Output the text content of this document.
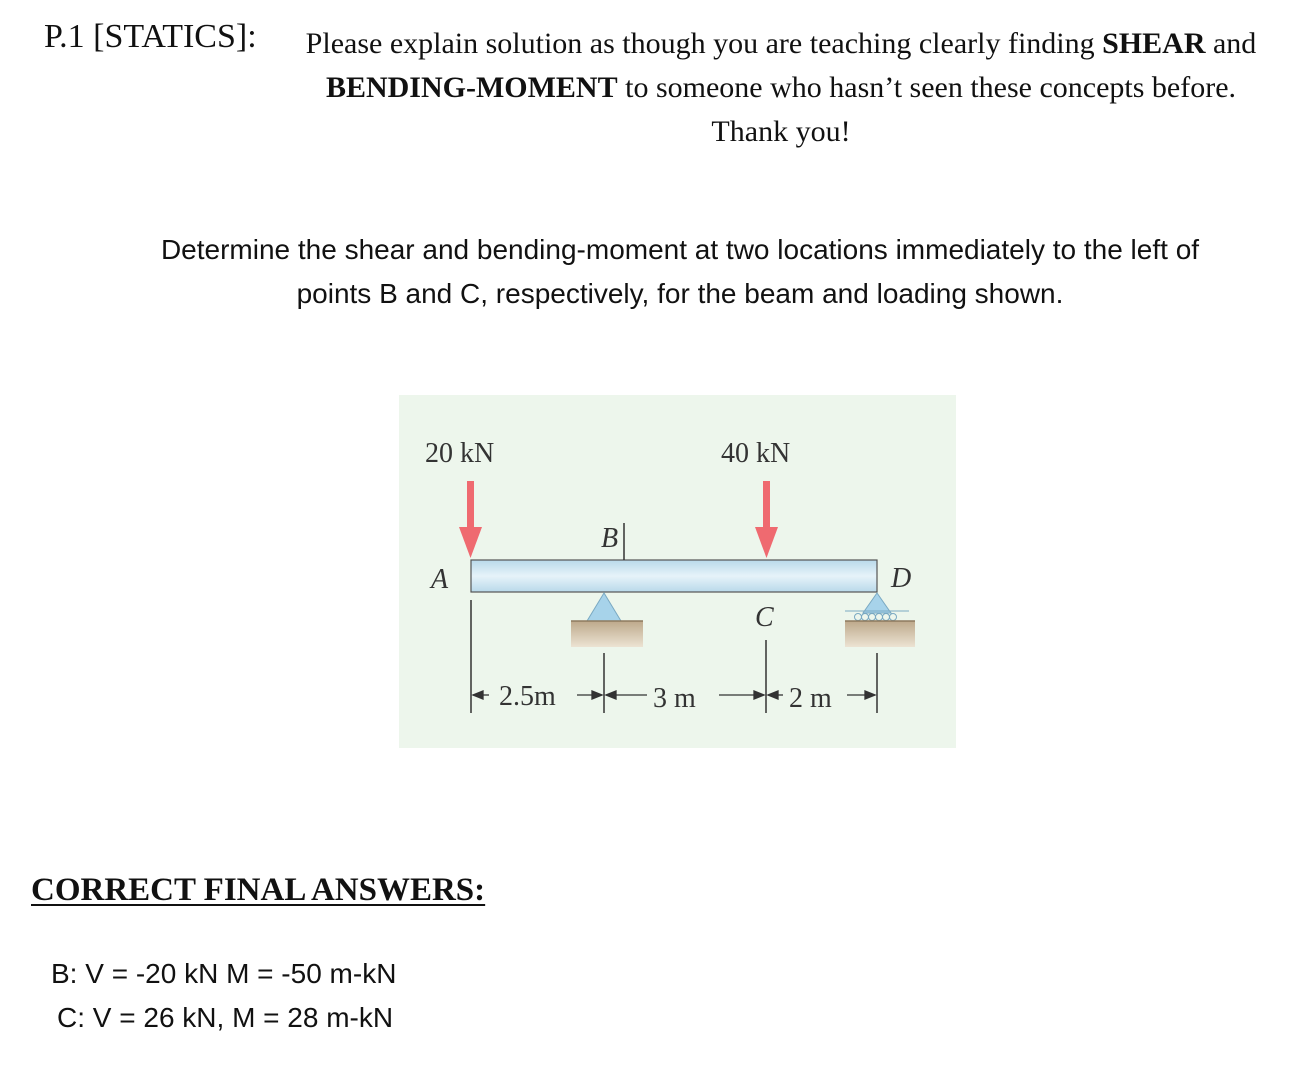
P.1 [STATICS]:	Please explain solution as though you are teaching clearly finding SHEAR and BENDING-MOMENT to someone who hasn’t seen these concepts before. Thank you!
Determine the shear and bending-moment at two locations immediately to the left of
points B and C, respectively, for the beam and loading shown.
20 kN	40 kN
A
B
C
D
2.5m	3 m	2 m
CORRECT FINAL ANSWERS:
B: V = -20 kN M = -50 m-kN
C: V = 26 kN, M = 28 m-kN
